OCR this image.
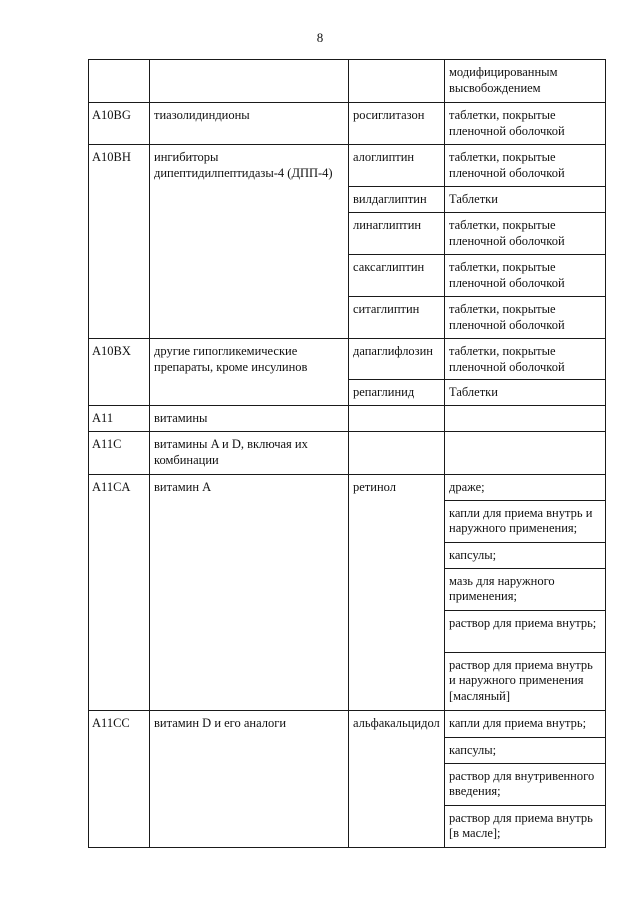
8
			модифицированным высвобождением
A10BG	тиазолидиндионы	росиглитазон	таблетки, покрытые пленочной оболочкой
A10BH	ингибиторы дипептидилпептидазы-4 (ДПП-4)	алоглиптин	таблетки, покрытые пленочной оболочкой
		вилдаглиптин	Таблетки
		линаглиптин	таблетки, покрытые пленочной оболочкой
		саксаглиптин	таблетки, покрытые пленочной оболочкой
		ситаглиптин	таблетки, покрытые пленочной оболочкой
A10BX	другие гипогликемические препараты, кроме инсулинов	дапаглифлозин	таблетки, покрытые пленочной оболочкой
		репаглинид	Таблетки
A11	витамины		
A11C	витамины A и D, включая их комбинации		
A11CA	витамин A	ретинол	драже;
			капли для приема внутрь и наружного применения;
			капсулы;
			мазь для наружного применения;
			раствор для приема внутрь;
			раствор для приема внутрь и наружного применения [масляный]
A11CC	витамин D и его аналоги	альфакальцидол	капли для приема внутрь;
			капсулы;
			раствор для внутривенного введения;
			раствор для приема внутрь [в масле];
